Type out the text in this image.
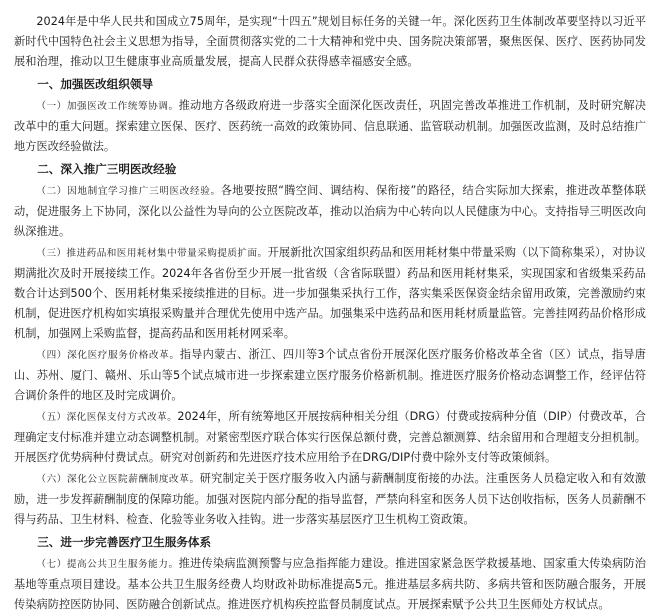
2024年是中华人民共和国成立75周年，是实现“十四五”规划目标任务的关键一年。深化医药卫生体制改革要坚持以习近平新时代中国特色社会主义思想为指导，全面贯彻落实党的二十大精神和党中央、国务院决策部署，聚焦医保、医疗、医药协同发展和治理，推动以卫生健康事业高质量发展，提高人民群众获得感幸福感安全感。

一、加强医改组织领导

（一）加强医改工作统筹协调。推动地方各级政府进一步落实全面深化医改责任，巩固完善改革推进工作机制，及时研究解决改革中的重大问题。探索建立医保、医疗、医药统一高效的政策协同、信息联通、监管联动机制。加强医改监测，及时总结推广地方医改经验做法。

二、深入推广三明医改经验

（二）因地制宜学习推广三明医改经验。各地要按照“腾空间、调结构、保衔接”的路径，结合实际加大探索，推进改革整体联动，促进服务上下协同，深化以公益性为导向的公立医院改革，推动以治病为中心转向以人民健康为中心。支持指导三明医改向纵深推进。

（三）推进药品和医用耗材集中带量采购提质扩面。开展新批次国家组织药品和医用耗材集中带量采购（以下简称集采），对协议期满批次及时开展接续工作。2024年各省份至少开展一批省级（含省际联盟）药品和医用耗材集采，实现国家和省级集采药品数合计达到500个、医用耗材集采接续推进的目标。进一步加强集采执行工作，落实集采医保资金结余留用政策，完善激励约束机制，促进医疗机构如实填报采购量并合理优先使用中选产品。加强集采中选药品和医用耗材质量监管。完善挂网药品价格形成机制，加强网上采购监督，提高药品和医用耗材网采率。

（四）深化医疗服务价格改革。指导内蒙古、浙江、四川等3个试点省份开展深化医疗服务价格改革全省（区）试点，指导唐山、苏州、厦门、赣州、乐山等5个试点城市进一步探索建立医疗服务价格新机制。推进医疗服务价格动态调整工作，经评估符合调价条件的地区及时完成调价。

（五）深化医保支付方式改革。2024年，所有统筹地区开展按病种相关分组（DRG）付费或按病种分值（DIP）付费改革，合理确定支付标准并建立动态调整机制。对紧密型医疗联合体实行医保总额付费，完善总额测算、结余留用和合理超支分担机制。开展医疗优势病种付费试点。研究对创新药和先进医疗技术应用给予在DRG/DIP付费中除外支付等政策倾斜。

（六）深化公立医院薪酬制度改革。研究制定关于医疗服务收入内涵与薪酬制度衔接的办法。注重医务人员稳定收入和有效激励，进一步发挥薪酬制度的保障功能。加强对医院内部分配的指导监督，严禁向科室和医务人员下达创收指标，医务人员薪酬不得与药品、卫生材料、检查、化验等业务收入挂钩。进一步落实基层医疗卫生机构工资政策。

三、进一步完善医疗卫生服务体系

（七）提高公共卫生服务能力。推进传染病监测预警与应急指挥能力建设。推进国家紧急医学救援基地、国家重大传染病防治基地等重点项目建设。基本公共卫生服务经费人均财政补助标准提高5元。推进基层多病共防、多病共管和医防融合服务，开展传染病防控医防协同、医防融合创新试点。推进医疗机构疾控监督员制度试点。开展探索赋予公共卫生医师处方权试点。
